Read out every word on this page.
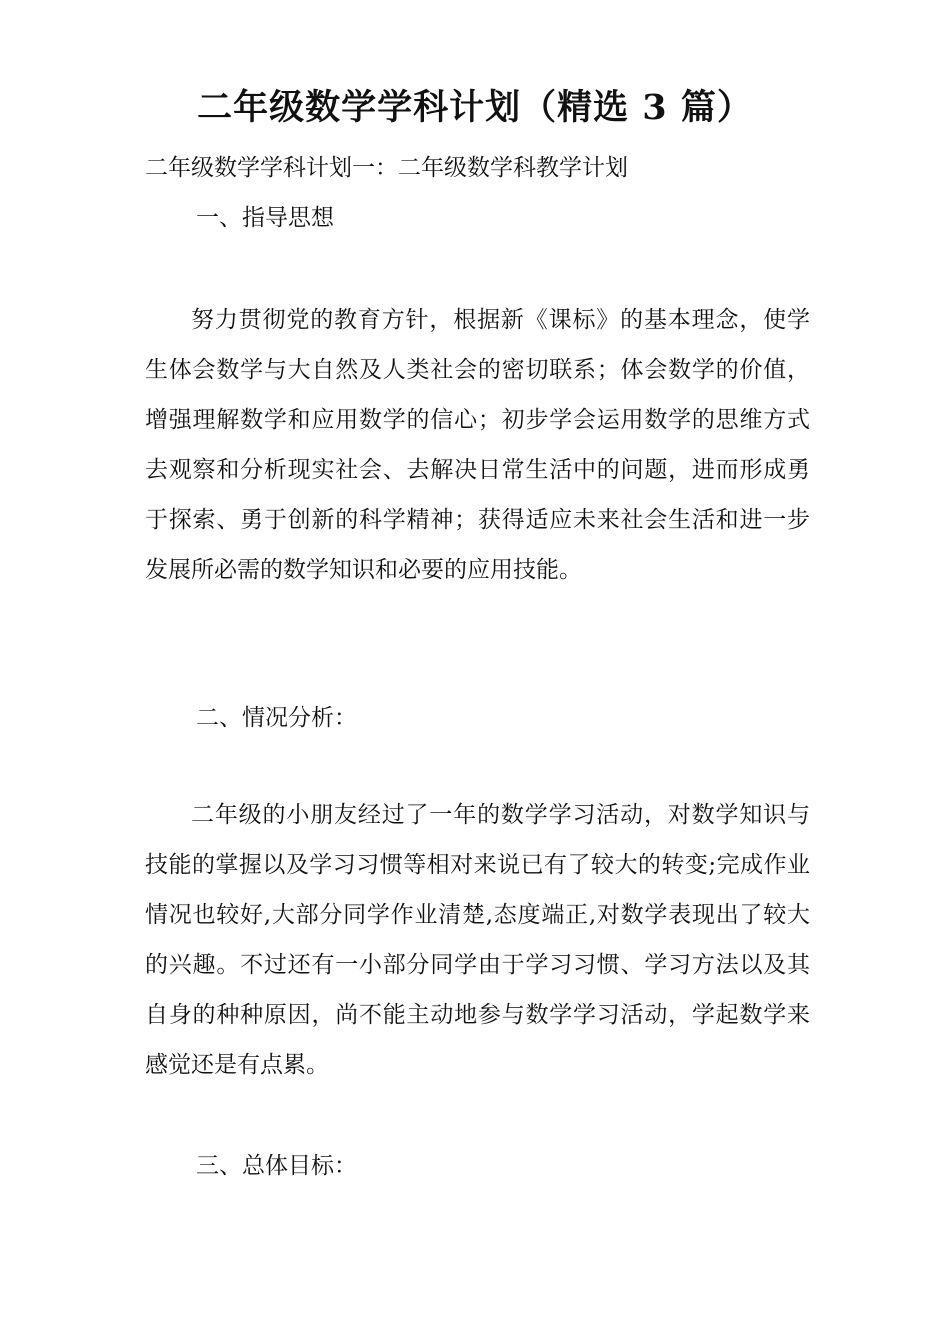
二年级数学学科计划（精选 3 篇）
二年级数学学科计划一：二年级数学科教学计划
一、指导思想
努力贯彻党的教育方针，根据新《课标》的基本理念，使学生体会数学与大自然及人类社会的密切联系；体会数学的价值，增强理解数学和应用数学的信心；初步学会运用数学的思维方式去观察和分析现实社会、去解决日常生活中的问题，进而形成勇于探索、勇于创新的科学精神；获得适应未来社会生活和进一步发展所必需的数学知识和必要的应用技能。
二、情况分析：
二年级的小朋友经过了一年的数学学习活动，对数学知识与技能的掌握以及学习习惯等相对来说已有了较大的转变;完成作业情况也较好,大部分同学作业清楚,态度端正,对数学表现出了较大的兴趣。不过还有一小部分同学由于学习习惯、学习方法以及其自身的种种原因，尚不能主动地参与数学学习活动，学起数学来感觉还是有点累。
三、总体目标：
